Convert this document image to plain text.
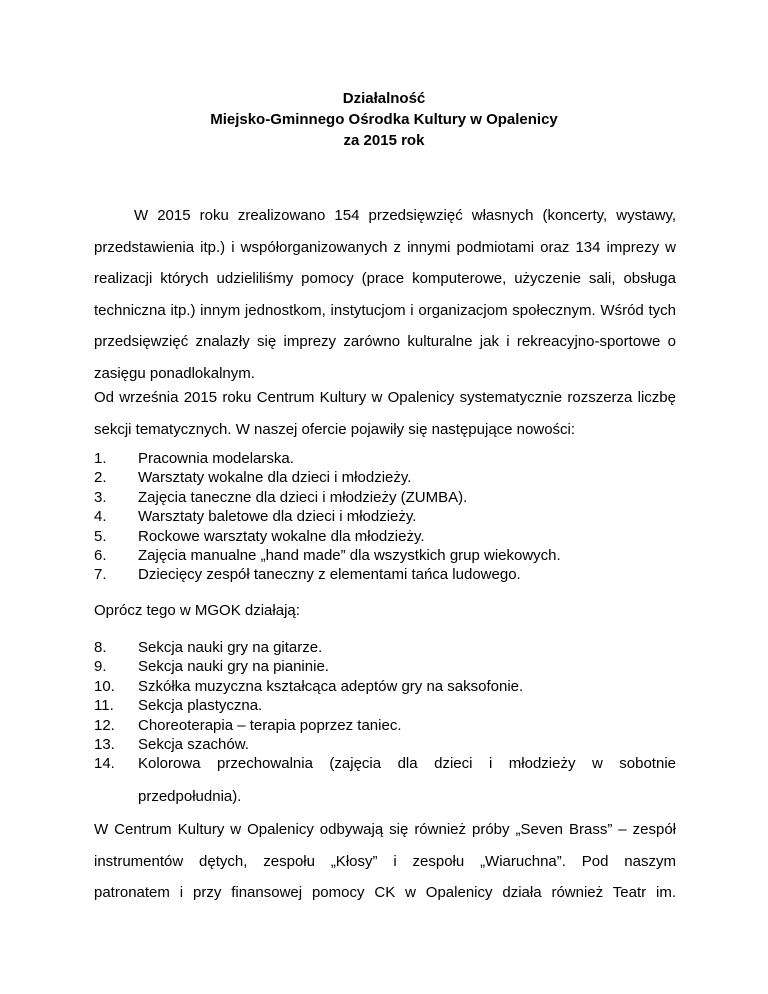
Działalność
Miejsko-Gminnego Ośrodka Kultury w Opalenicy
za 2015 rok
W 2015 roku zrealizowano 154 przedsięwzięć własnych (koncerty, wystawy, przedstawienia itp.) i współorganizowanych z innymi podmiotami oraz 134 imprezy w realizacji których udzieliliśmy pomocy (prace komputerowe, użyczenie sali, obsługa techniczna itp.) innym jednostkom, instytucjom i organizacjom społecznym. Wśród tych przedsięwzięć znalazły się imprezy zarówno kulturalne jak i rekreacyjno-sportowe o zasięgu ponadlokalnym.
Od września 2015 roku Centrum Kultury w Opalenicy systematycznie rozszerza liczbę sekcji tematycznych. W naszej ofercie pojawiły się następujące nowości:
1. Pracownia modelarska.
2. Warsztaty wokalne dla dzieci i młodzieży.
3. Zajęcia taneczne dla dzieci i młodzieży (ZUMBA).
4. Warsztaty baletowe dla dzieci i młodzieży.
5. Rockowe warsztaty wokalne dla młodzieży.
6. Zajęcia manualne „hand made” dla wszystkich grup wiekowych.
7. Dziecięcy zespół taneczny z elementami tańca ludowego.
Oprócz tego w MGOK działają:
8. Sekcja nauki gry na gitarze.
9. Sekcja nauki gry na pianinie.
10. Szkółka muzyczna kształcąca adeptów gry na saksofonie.
11. Sekcja plastyczna.
12. Choreoterapia – terapia poprzez taniec.
13. Sekcja szachów.
14. Kolorowa przechowalnia (zajęcia dla dzieci i młodzieży w sobotnie
przedpołudnia).
W Centrum Kultury w Opalenicy odbywają się również próby „Seven Brass” – zespół
instrumentów dętych, zespołu „Kłosy” i zespołu „Wiaruchna”. Pod naszym
patronatem i przy finansowej pomocy CK w Opalenicy działa również Teatr im.
